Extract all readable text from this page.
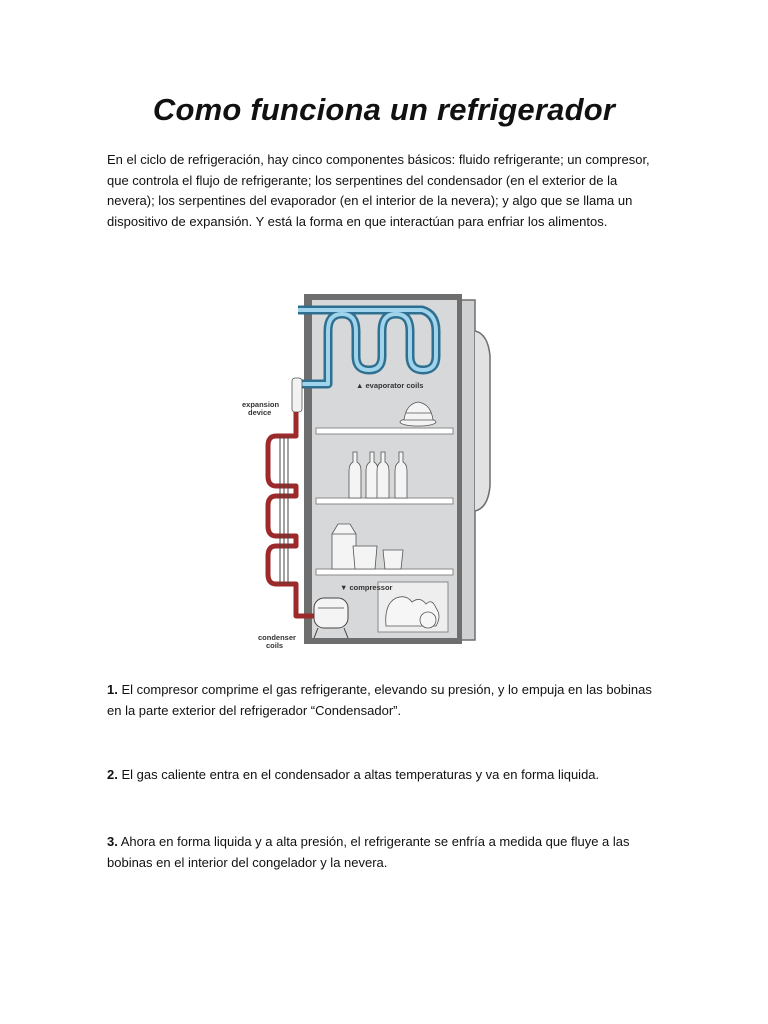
Como funciona un refrigerador

En el ciclo de refrigeración, hay cinco componentes básicos: fluido refrigerante; un compresor, que controla el flujo de refrigerante; los serpentines del condensador (en el exterior de la nevera); los serpentines del evaporador (en el interior de la nevera); y algo que se llama un dispositivo de expansión. Y está la forma en que interactúan para enfriar los alimentos.

▲ evaporator coils
expansion
device
▼ compressor
condenser
coils

1. El compresor comprime el gas refrigerante, elevando su presión, y lo empuja en las bobinas en la parte exterior del refrigerador “Condensador”.

2. El gas caliente entra en el condensador a altas temperaturas y va en forma liquida.

3. Ahora en forma liquida y a alta presión, el refrigerante se enfría a medida que fluye a las bobinas en el interior del congelador y la nevera.
